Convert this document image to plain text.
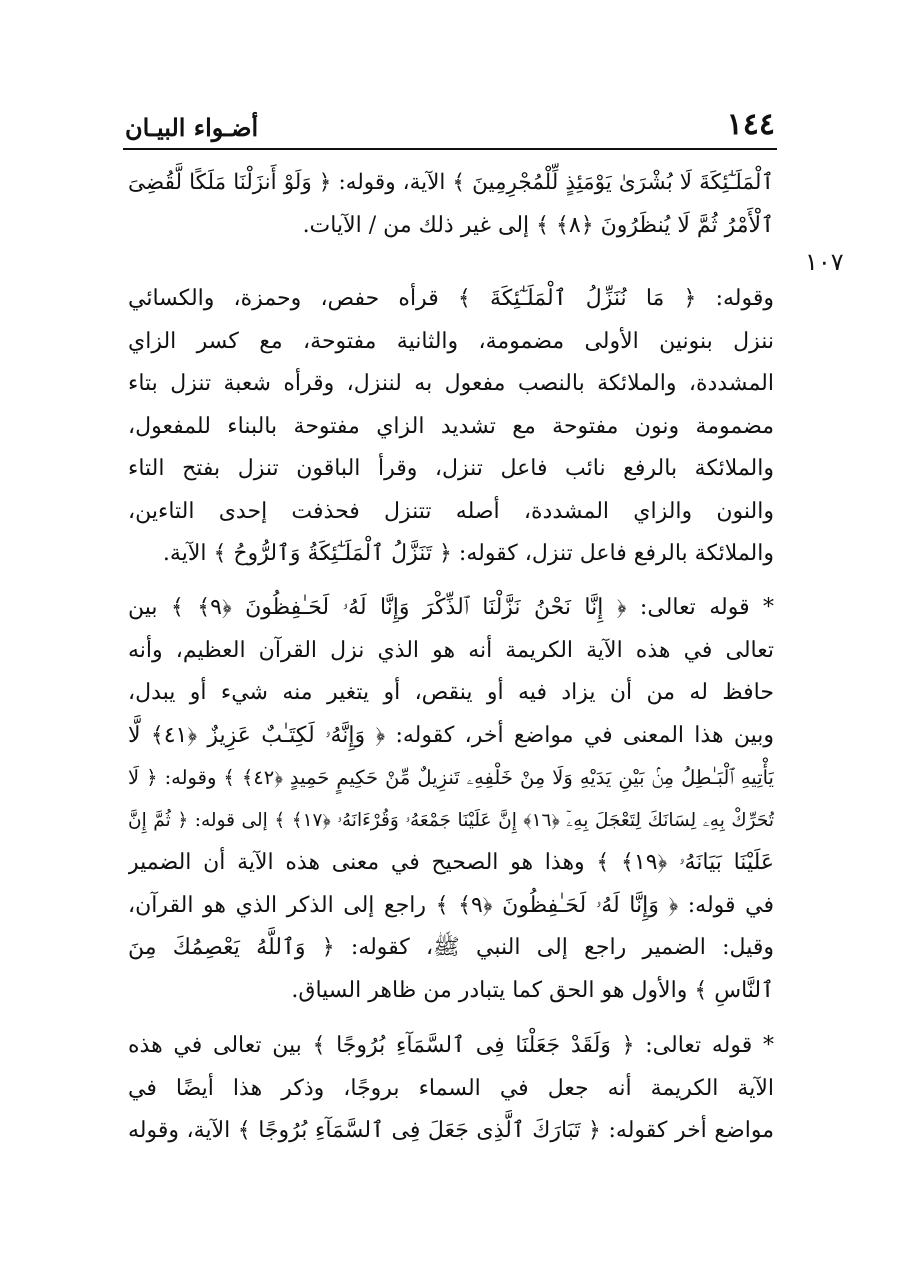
أضـواء البيـان	١٤٤
١٠٧
ٱلْمَلَـٰٓئِكَةَ لَا بُشْرَىٰ يَوْمَئِذٍ لِّلْمُجْرِمِينَ ﴾ الآية، وقوله: ﴿ وَلَوْ أَنزَلْنَا مَلَكًا لَّقُضِىَ
ٱلْأَمْرُ ثُمَّ لَا يُنظَرُونَ ﴿٨﴾ ﴾ إلى غير ذلك من / الآيات.
وقوله: ﴿ مَا نُنَزِّلُ ٱلْمَلَـٰٓئِكَةَ ﴾ قرأه حفص، وحمزة، والكسائي
ننزل بنونين الأولى مضمومة، والثانية مفتوحة، مع كسر الزاي
المشددة، والملائكة بالنصب مفعول به لننزل، وقرأه شعبة تنزل بتاء
مضمومة ونون مفتوحة مع تشديد الزاي مفتوحة بالبناء للمفعول،
والملائكة بالرفع نائب فاعل تنزل، وقرأ الباقون تنزل بفتح التاء
والنون والزاي المشددة، أصله تتنزل فحذفت إحدى التاءين،
والملائكة بالرفع فاعل تنزل، كقوله: ﴿ تَنَزَّلُ ٱلْمَلَـٰٓئِكَةُ وَٱلرُّوحُ ﴾ الآية.
* قوله تعالى: ﴿ إِنَّا نَحْنُ نَزَّلْنَا ٱلذِّكْرَ وَإِنَّا لَهُۥ لَحَـٰفِظُونَ ﴿٩﴾ ﴾ بين
تعالى في هذه الآية الكريمة أنه هو الذي نزل القرآن العظيم، وأنه
حافظ له من أن يزاد فيه أو ينقص، أو يتغير منه شيء أو يبدل،
وبين هذا المعنى في مواضع أخر، كقوله: ﴿ وَإِنَّهُۥ لَكِتَـٰبٌ عَزِيزٌ ﴿٤١﴾ لَّا
يَأْتِيهِ ٱلْبَـٰطِلُ مِنۢ بَيْنِ يَدَيْهِ وَلَا مِنْ خَلْفِهِۦ تَنزِيلٌ مِّنْ حَكِيمٍ حَمِيدٍ ﴿٤٢﴾ ﴾ وقوله: ﴿ لَا
تُحَرِّكْ بِهِۦ لِسَانَكَ لِتَعْجَلَ بِهِۦٓ ﴿١٦﴾ إِنَّ عَلَيْنَا جَمْعَهُۥ وَقُرْءَانَهُۥ ﴿١٧﴾ ﴾ إلى قوله: ﴿ ثُمَّ إِنَّ
عَلَيْنَا بَيَانَهُۥ ﴿١٩﴾ ﴾ وهذا هو الصحيح في معنى هذه الآية أن الضمير
في قوله: ﴿ وَإِنَّا لَهُۥ لَحَـٰفِظُونَ ﴿٩﴾ ﴾ راجع إلى الذكر الذي هو القرآن،
وقيل: الضمير راجع إلى النبي ﷺ، كقوله: ﴿ وَٱللَّهُ يَعْصِمُكَ مِنَ
ٱلنَّاسِ ﴾ والأول هو الحق كما يتبادر من ظاهر السياق.
* قوله تعالى: ﴿ وَلَقَدْ جَعَلْنَا فِى ٱلسَّمَآءِ بُرُوجًا ﴾ بين تعالى في هذه
الآية الكريمة أنه جعل في السماء بروجًا، وذكر هذا أيضًا في
مواضع أخر كقوله: ﴿ تَبَارَكَ ٱلَّذِى جَعَلَ فِى ٱلسَّمَآءِ بُرُوجًا ﴾ الآية، وقوله
